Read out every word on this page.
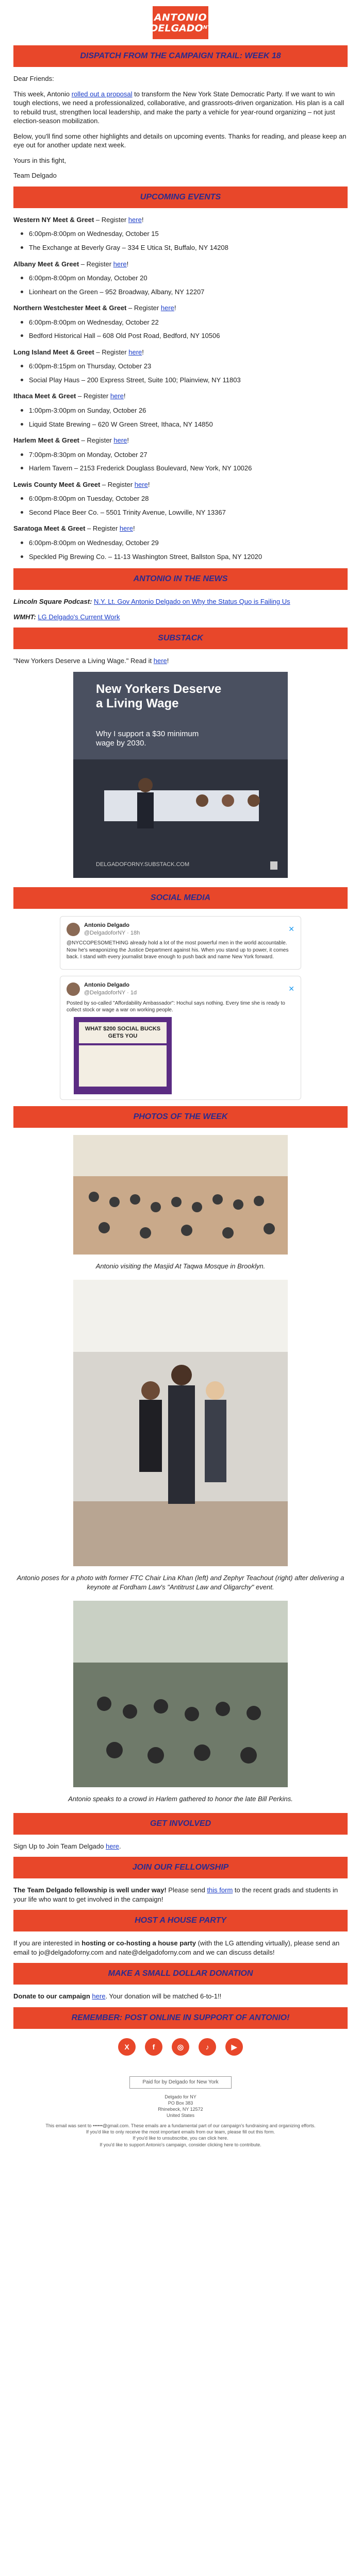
ANTONIO
$DELGADO^{NY}$
DISPATCH FROM THE CAMPAIGN TRAIL: WEEK 18

Dear Friends:

This week, Antonio rolled out a proposal to transform the New York State Democratic Party. If we want to win tough elections, we need a professionalized, collaborative, and grassroots-driven organization. His plan is a call to rebuild trust, strengthen local leadership, and make the party a vehicle for year-round organizing – not just election-season mobilization.

Below, you'll find some other highlights and details on upcoming events. Thanks for reading, and please keep an eye out for another update next week.

Yours in this fight,

Team Delgado

UPCOMING EVENTS
Western NY Meet & Greet – Register here!
6:00pm-8:00pm on Wednesday, October 15
The Exchange at Beverly Gray – 334 E Utica St, Buffalo, NY 14208
Albany Meet & Greet – Register here!
6:00pm-8:00pm on Monday, October 20
Lionheart on the Green – 952 Broadway, Albany, NY 12207
Northern Westchester Meet & Greet – Register here!
6:00pm-8:00pm on Wednesday, October 22
Bedford Historical Hall – 608 Old Post Road, Bedford, NY 10506
Long Island Meet & Greet – Register here!
6:00pm-8:15pm on Thursday, October 23
Social Play Haus – 200 Express Street, Suite 100; Plainview, NY 11803
Ithaca Meet & Greet – Register here!
1:00pm-3:00pm on Sunday, October 26
Liquid State Brewing – 620 W Green Street, Ithaca, NY 14850
Harlem Meet & Greet – Register here!
7:00pm-8:30pm on Monday, October 27
Harlem Tavern – 2153 Frederick Douglass Boulevard, New York, NY 10026
Lewis County Meet & Greet – Register here!
6:00pm-8:00pm on Tuesday, October 28
Second Place Beer Co. – 5501 Trinity Avenue, Lowville, NY 13367
Saratoga Meet & Greet – Register here!
6:00pm-8:00pm on Wednesday, October 29
Speckled Pig Brewing Co. – 11-13 Washington Street, Ballston Spa, NY 12020
ANTONIO IN THE NEWS

Lincoln Square Podcast: N.Y. Lt. Gov Antonio Delgado on Why the Status Quo is Failing Us

WMHT: LG Delgado's Current Work

SUBSTACK

"New Yorkers Deserve a Living Wage." Read it here!

New Yorkers Deserve a Living Wage
Why I support a $30 minimum wage by 2030.
DELGADOFORNY.SUBSTACK.COM
SOCIAL MEDIA
Antonio Delgado
@DelgadoforNY · 18h	✕
@NYCCOPESOMETHING already hold a lot of the most powerful men in the world accountable. Now he's weaponizing the Justice Department against his. When you stand up to power, it comes back. I stand with every journalist brave enough to push back and name New York forward.
Antonio Delgado
@DelgadoforNY · 1d	✕
Posted by so-called "Affordability Ambassador": Hochul says nothing. Every time she is ready to collect stock or wage a war on working people.
WHAT $200 SOCIAL BUCKS GETS YOU
PHOTOS OF THE WEEK
Antonio visiting the Masjid At Taqwa Mosque in Brooklyn.
Antonio poses for a photo with former FTC Chair Lina Khan (left) and Zephyr Teachout (right) after delivering a keynote at Fordham Law's "Antitrust Law and Oligarchy" event.
Antonio speaks to a crowd in Harlem gathered to honor the late Bill Perkins.
GET INVOLVED

Sign Up to Join Team Delgado here.

JOIN OUR FELLOWSHIP

The Team Delgado fellowship is well under way! Please send this form to the recent grads and students in your life who want to get involved in the campaign!

HOST A HOUSE PARTY

If you are interested in hosting or co-hosting a house party (with the LG attending virtually), please send an email to jo@delgadoforny.com and nate@delgadoforny.com and we can discuss details!

MAKE A SMALL DOLLAR DONATION

Donate to our campaign here. Your donation will be matched 6-to-1!!

REMEMBER: POST ONLINE IN SUPPORT OF ANTONIO!
X	f	◎	♪	▶
Paid for by Delgado for New York
Delgado for NY
PO Box 383
Rhinebeck, NY 12572
United States
This email was sent to ••••••@gmail.com. These emails are a fundamental part of our campaign's fundraising and organizing efforts.
If you'd like to only receive the most important emails from our team, please fill out this form.
If you'd like to unsubscribe, you can click here.
If you'd like to support Antonio's campaign, consider clicking here to contribute.
